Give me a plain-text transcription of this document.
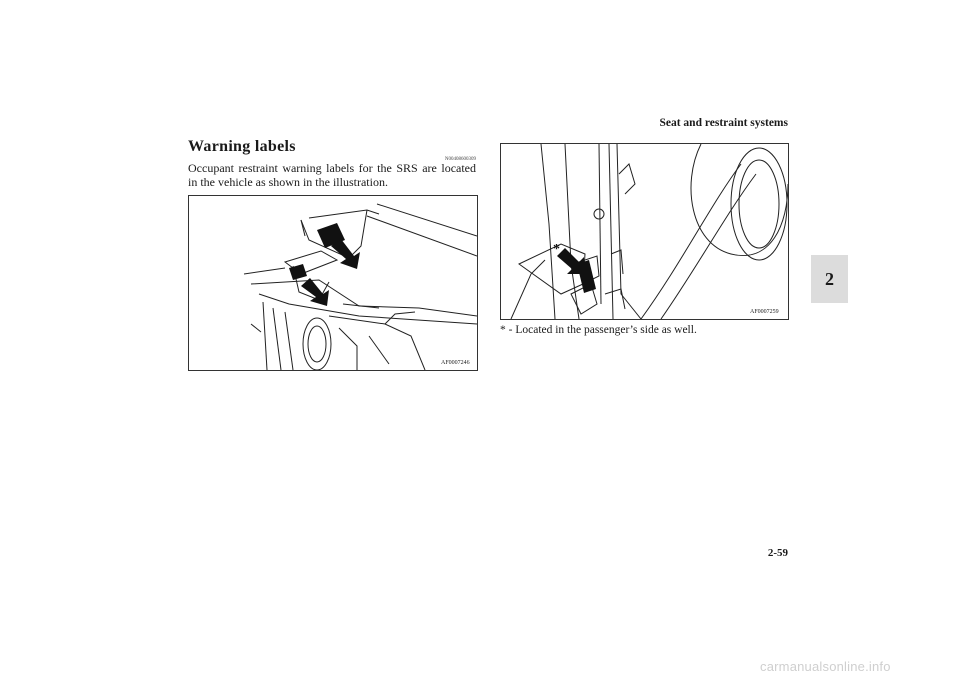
Seat and restraint systems
2
Warning labels
N00408600309
Occupant restraint warning labels for the SRS are located in the vehicle as shown in the illustration.
AF0007246
*
AF0007259
* - Located in the passenger’s side as well.
2-59
carmanualsonline.info
